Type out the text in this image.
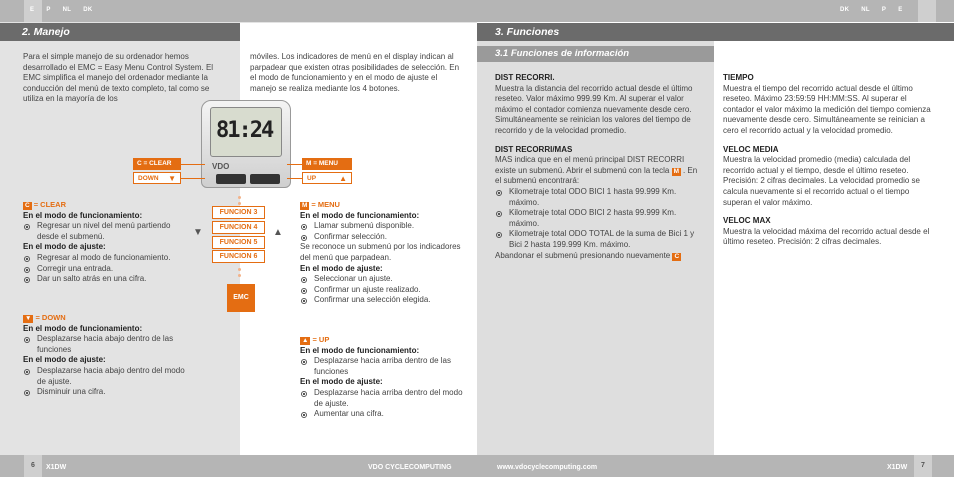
E P NL DK
2. Manejo
Para el simple manejo de su ordenador hemos desarrollado el EMC = Easy Menu Control System. El EMC simplifica el manejo del ordenador mediante la conducción del menú de texto completo, tal como se utiliza en la mayoría de los

móviles. Los indicadores de menú en el display indican al parpadear que existen otras posibilidades de selección. En el modo de funcionamiento y en el modo de ajuste el manejo se realiza mediante los 4 botones.

81:24
VDO
C = CLEAR
DOWN ▼
M = MENU
UP	▲
FUNCION 3
FUNCION 4
FUNCION 5
FUNCION 6
▼	▲
EMC

C = CLEAR

En el modo de funcionamiento:

Regresar un nivel del menú partiendo desde el submenú.

En el modo de ajuste:

Regresar al modo de funcionamiento.

Corregir una entrada.

Dar un salto atrás en una cifra.

▼ = DOWN

En el modo de funcionamiento:

Desplazarse hacia abajo dentro de las funciones

En el modo de ajuste:

Desplazarse hacia abajo dentro del modo de ajuste.

Disminuir una cifra.

M = MENU

En el modo de funcionamiento:

Llamar submenú disponible.

Confirmar selección.

Se reconoce un submenú por los indicadores del menú que parpadean.

En el modo de ajuste:

Seleccionar un ajuste.

Confirmar un ajuste realizado.

Confirmar una selección elegida.

▲ = UP

En el modo de funcionamiento:

Desplazarse hacia arriba dentro de las funciones

En el modo de ajuste:

Desplazarse hacia arriba dentro del modo de ajuste.

Aumentar una cifra.

6	X1DW	VDO CYCLECOMPUTING
DK NL P E
3. Funciones
3.1 Funciones de información

DIST RECORRI.

Muestra la distancia del recorrido actual desde el último reseteo. Valor máximo 999.99 Km. Al superar el valor máximo el contador comienza nuevamente desde cero. Simultáneamente se reinician los valores del tiempo de recorrido y de la velocidad promedio.

DIST RECORRI/MAS

MAS indica que en el menú principal DIST RECORRI existe un submenú. Abrir el submenú con la tecla M . En el submenú encontrará:

Kilometraje total ODO BICI 1 hasta 99.999 Km. máximo.

Kilometraje total ODO BICI 2 hasta 99.999 Km. máximo.

Kilometraje total ODO TOTAL de la suma de Bici 1 y Bici 2 hasta 199.999 Km. máximo.

Abandonar el submenú presionando nuevamente C

TIEMPO

Muestra el tiempo del recorrido actual desde el último reseteo. Máximo 23:59:59 HH:MM:SS. Al superar el contador el valor máximo la medición del tiempo comienza nuevamente desde cero. Simultáneamente se reinician a cero el recorrido actual y la velocidad promedio.

VELOC MEDIA

Muestra la velocidad promedio (media) calculada del recorrido actual y el tiempo, desde el último reseteo. Precisión: 2 cifras decimales. La velocidad promedio se calcula nuevamente si el recorrido actual o el tiempo superan el valor máximo.

VELOC MAX

Muestra la velocidad máxima del recorrido actual desde el último reseteo. Precisión: 2 cifras decimales.

www.vdocyclecomputing.com	X1DW	7
